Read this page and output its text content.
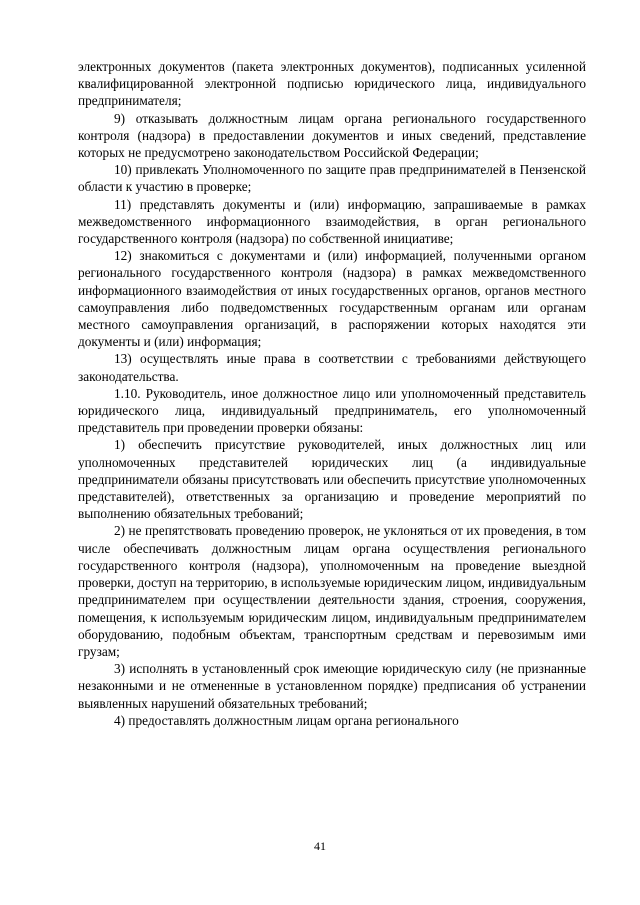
электронных документов (пакета электронных документов), подписанных усиленной квалифицированной электронной подписью юридического лица, индивидуального предпринимателя;

9) отказывать должностным лицам органа регионального государственного контроля (надзора) в предоставлении документов и иных сведений, представление которых не предусмотрено законодательством Российской Федерации;

10) привлекать Уполномоченного по защите прав предпринимателей в Пензенской области к участию в проверке;

11) представлять документы и (или) информацию, запрашиваемые в рамках межведомственного информационного взаимодействия, в орган регионального государственного контроля (надзора) по собственной инициативе;

12) знакомиться с документами и (или) информацией, полученными органом регионального государственного контроля (надзора) в рамках межведомственного информационного взаимодействия от иных государственных органов, органов местного самоуправления либо подведомственных государственным органам или органам местного самоуправления организаций, в распоряжении которых находятся эти документы и (или) информация;

13) осуществлять иные права в соответствии с требованиями действующего законодательства.

1.10. Руководитель, иное должностное лицо или уполномоченный представитель юридического лица, индивидуальный предприниматель, его уполномоченный представитель при проведении проверки обязаны:

1) обеспечить присутствие руководителей, иных должностных лиц или уполномоченных представителей юридических лиц (а индивидуальные предприниматели обязаны присутствовать или обеспечить присутствие уполномоченных представителей), ответственных за организацию и проведение мероприятий по выполнению обязательных требований;

2) не препятствовать проведению проверок, не уклоняться от их проведения, в том числе обеспечивать должностным лицам органа осуществления регионального государственного контроля (надзора), уполномоченным на проведение выездной проверки, доступ на территорию, в используемые юридическим лицом, индивидуальным предпринимателем при осуществлении деятельности здания, строения, сооружения, помещения, к используемым юридическим лицом, индивидуальным предпринимателем оборудованию, подобным объектам, транспортным средствам и перевозимым ими грузам;

3) исполнять в установленный срок имеющие юридическую силу (не признанные незаконными и не отмененные в установленном порядке) предписания об устранении выявленных нарушений обязательных требований;

4) предоставлять должностным лицам органа регионального

41
